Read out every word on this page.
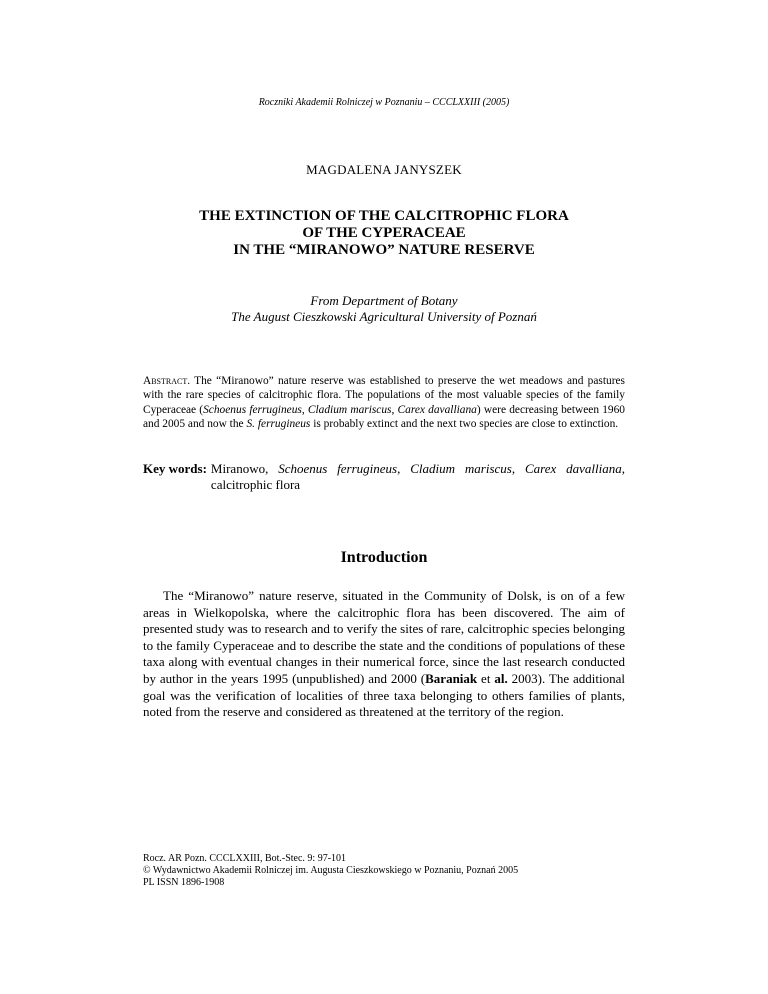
Roczniki Akademii Rolniczej w Poznaniu – CCCLXXIII (2005)
MAGDALENA JANYSZEK
THE EXTINCTION OF THE CALCITROPHIC FLORA
OF THE CYPERACEAE
IN THE “MIRANOWO” NATURE RESERVE
From Department of Botany
The August Cieszkowski Agricultural University of Poznań
Abstract. The “Miranowo” nature reserve was established to preserve the wet meadows and pastures with the rare species of calcitrophic flora. The populations of the most valuable species of the family Cyperaceae (Schoenus ferrugineus, Cladium mariscus, Carex davalliana) were decreasing between 1960 and 2005 and now the S. ferrugineus is probably extinct and the next two species are close to extinction.
Key words: Miranowo, Schoenus ferrugineus, Cladium mariscus, Carex davalliana, calcitrophic flora
Introduction

The “Miranowo” nature reserve, situated in the Community of Dolsk, is on of a few areas in Wielkopolska, where the calcitrophic flora has been discovered. The aim of presented study was to research and to verify the sites of rare, calcitrophic species belonging to the family Cyperaceae and to describe the state and the conditions of populations of these taxa along with eventual changes in their numerical force, since the last research conducted by author in the years 1995 (unpublished) and 2000 (Baraniak et al. 2003). The additional goal was the verification of localities of three taxa belonging to others families of plants, noted from the reserve and considered as threatened at the territory of the region.

Rocz. AR Pozn. CCCLXXIII, Bot.-Stec. 9: 97-101
© Wydawnictwo Akademii Rolniczej im. Augusta Cieszkowskiego w Poznaniu, Poznań 2005
PL ISSN 1896-1908
